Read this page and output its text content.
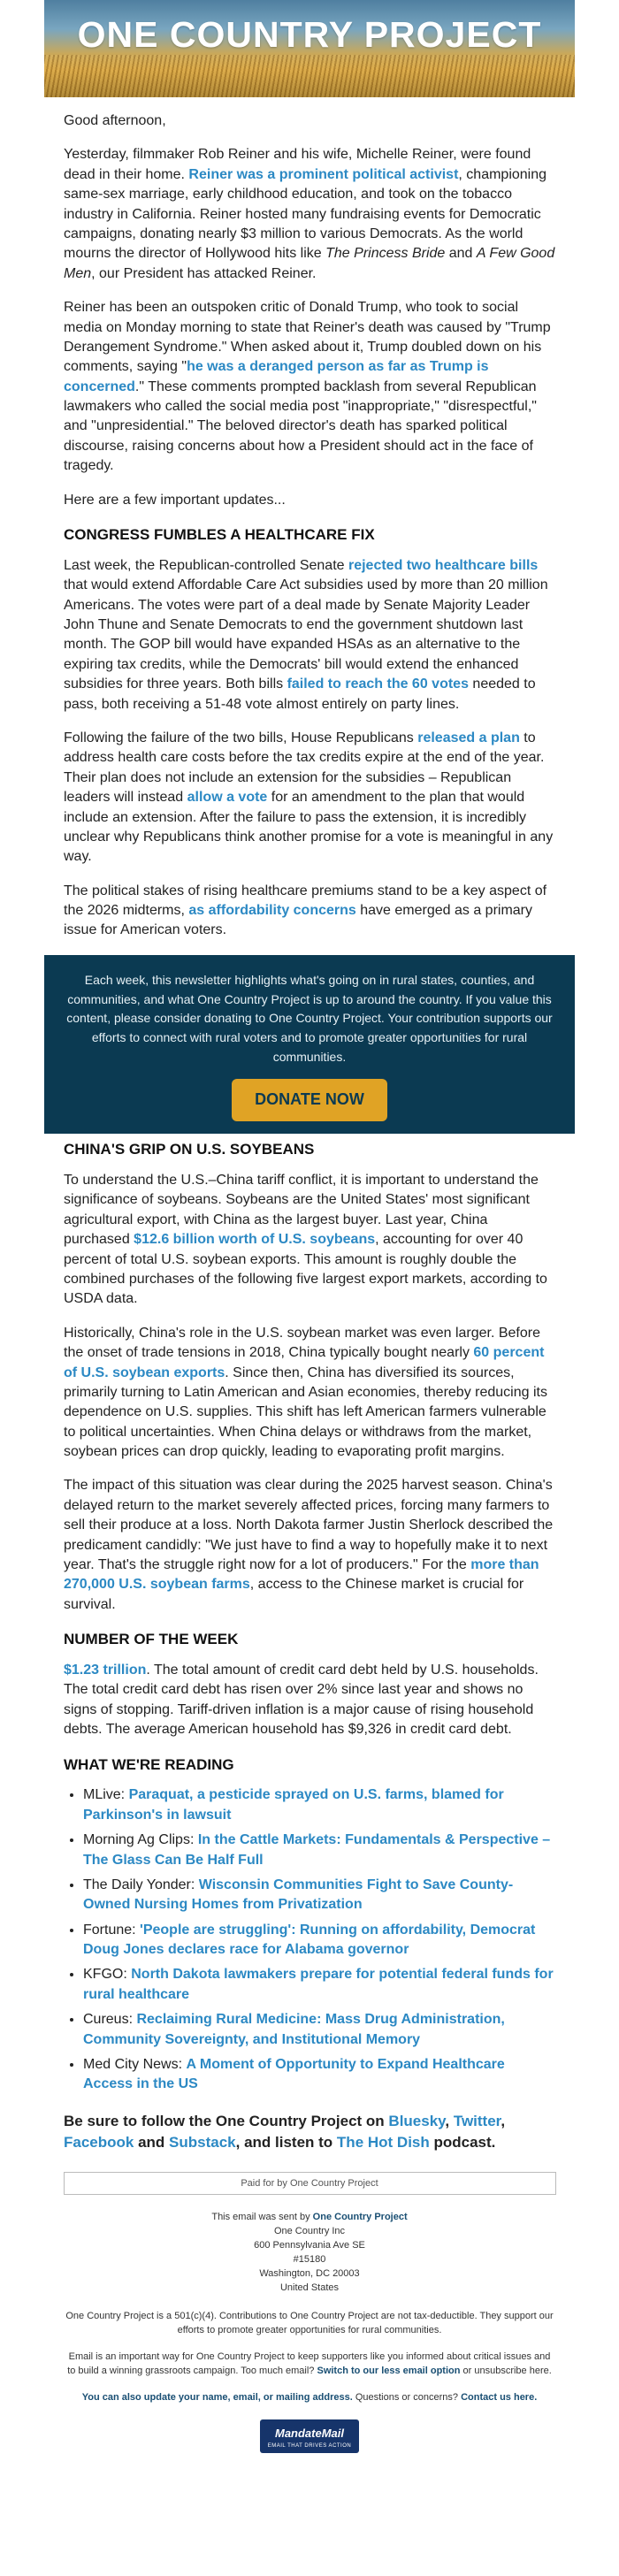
ONE COUNTRY PROJECT

Good afternoon,

Yesterday, filmmaker Rob Reiner and his wife, Michelle Reiner, were found dead in their home. Reiner was a prominent political activist, championing same-sex marriage, early childhood education, and took on the tobacco industry in California. Reiner hosted many fundraising events for Democratic campaigns, donating nearly $3 million to various Democrats. As the world mourns the director of Hollywood hits like The Princess Bride and A Few Good Men, our President has attacked Reiner.

Reiner has been an outspoken critic of Donald Trump, who took to social media on Monday morning to state that Reiner's death was caused by "Trump Derangement Syndrome." When asked about it, Trump doubled down on his comments, saying "he was a deranged person as far as Trump is concerned." These comments prompted backlash from several Republican lawmakers who called the social media post "inappropriate," "disrespectful," and "unpresidential." The beloved director's death has sparked political discourse, raising concerns about how a President should act in the face of tragedy.

Here are a few important updates...

CONGRESS FUMBLES A HEALTHCARE FIX

Last week, the Republican-controlled Senate rejected two healthcare bills that would extend Affordable Care Act subsidies used by more than 20 million Americans. The votes were part of a deal made by Senate Majority Leader John Thune and Senate Democrats to end the government shutdown last month. The GOP bill would have expanded HSAs as an alternative to the expiring tax credits, while the Democrats' bill would extend the enhanced subsidies for three years. Both bills failed to reach the 60 votes needed to pass, both receiving a 51-48 vote almost entirely on party lines.

Following the failure of the two bills, House Republicans released a plan to address health care costs before the tax credits expire at the end of the year. Their plan does not include an extension for the subsidies – Republican leaders will instead allow a vote for an amendment to the plan that would include an extension. After the failure to pass the extension, it is incredibly unclear why Republicans think another promise for a vote is meaningful in any way.

The political stakes of rising healthcare premiums stand to be a key aspect of the 2026 midterms, as affordability concerns have emerged as a primary issue for American voters.

Each week, this newsletter highlights what's going on in rural states, counties, and communities, and what One Country Project is up to around the country. If you value this content, please consider donating to One Country Project. Your contribution supports our efforts to connect with rural voters and to promote greater opportunities for rural communities.
DONATE NOW
CHINA'S GRIP ON U.S. SOYBEANS

To understand the U.S.–China tariff conflict, it is important to understand the significance of soybeans. Soybeans are the United States' most significant agricultural export, with China as the largest buyer. Last year, China purchased $12.6 billion worth of U.S. soybeans, accounting for over 40 percent of total U.S. soybean exports. This amount is roughly double the combined purchases of the following five largest export markets, according to USDA data.

Historically, China's role in the U.S. soybean market was even larger. Before the onset of trade tensions in 2018, China typically bought nearly 60 percent of U.S. soybean exports. Since then, China has diversified its sources, primarily turning to Latin American and Asian economies, thereby reducing its dependence on U.S. supplies. This shift has left American farmers vulnerable to political uncertainties. When China delays or withdraws from the market, soybean prices can drop quickly, leading to evaporating profit margins.

The impact of this situation was clear during the 2025 harvest season. China's delayed return to the market severely affected prices, forcing many farmers to sell their produce at a loss. North Dakota farmer Justin Sherlock described the predicament candidly: "We just have to find a way to hopefully make it to next year. That's the struggle right now for a lot of producers." For the more than 270,000 U.S. soybean farms, access to the Chinese market is crucial for survival.

NUMBER OF THE WEEK

$1.23 trillion. The total amount of credit card debt held by U.S. households. The total credit card debt has risen over 2% since last year and shows no signs of stopping. Tariff-driven inflation is a major cause of rising household debts. The average American household has $9,326 in credit card debt.

WHAT WE'RE READING
• MLive: Paraquat, a pesticide sprayed on U.S. farms, blamed for Parkinson's in lawsuit
• Morning Ag Clips: In the Cattle Markets: Fundamentals & Perspective – The Glass Can Be Half Full
• The Daily Yonder: Wisconsin Communities Fight to Save County-Owned Nursing Homes from Privatization
• Fortune: 'People are struggling': Running on affordability, Democrat Doug Jones declares race for Alabama governor
• KFGO: North Dakota lawmakers prepare for potential federal funds for rural healthcare
• Cureus: Reclaiming Rural Medicine: Mass Drug Administration, Community Sovereignty, and Institutional Memory
• Med City News: A Moment of Opportunity to Expand Healthcare Access in the US

Be sure to follow the One Country Project on Bluesky, Twitter, Facebook and Substack, and listen to The Hot Dish podcast.

Paid for by One Country Project
This email was sent by One Country Project
One Country Inc
600 Pennsylvania Ave SE
#15180
Washington, DC 20003
United States
One Country Project is a 501(c)(4). Contributions to One Country Project are not tax-deductible. They support our efforts to promote greater opportunities for rural communities.
Email is an important way for One Country Project to keep supporters like you informed about critical issues and to build a winning grassroots campaign. Too much email? Switch to our less email option or unsubscribe here.
You can also update your name, email, or mailing address. Questions or concerns? Contact us here.
MandateMail
EMAIL THAT DRIVES ACTION
